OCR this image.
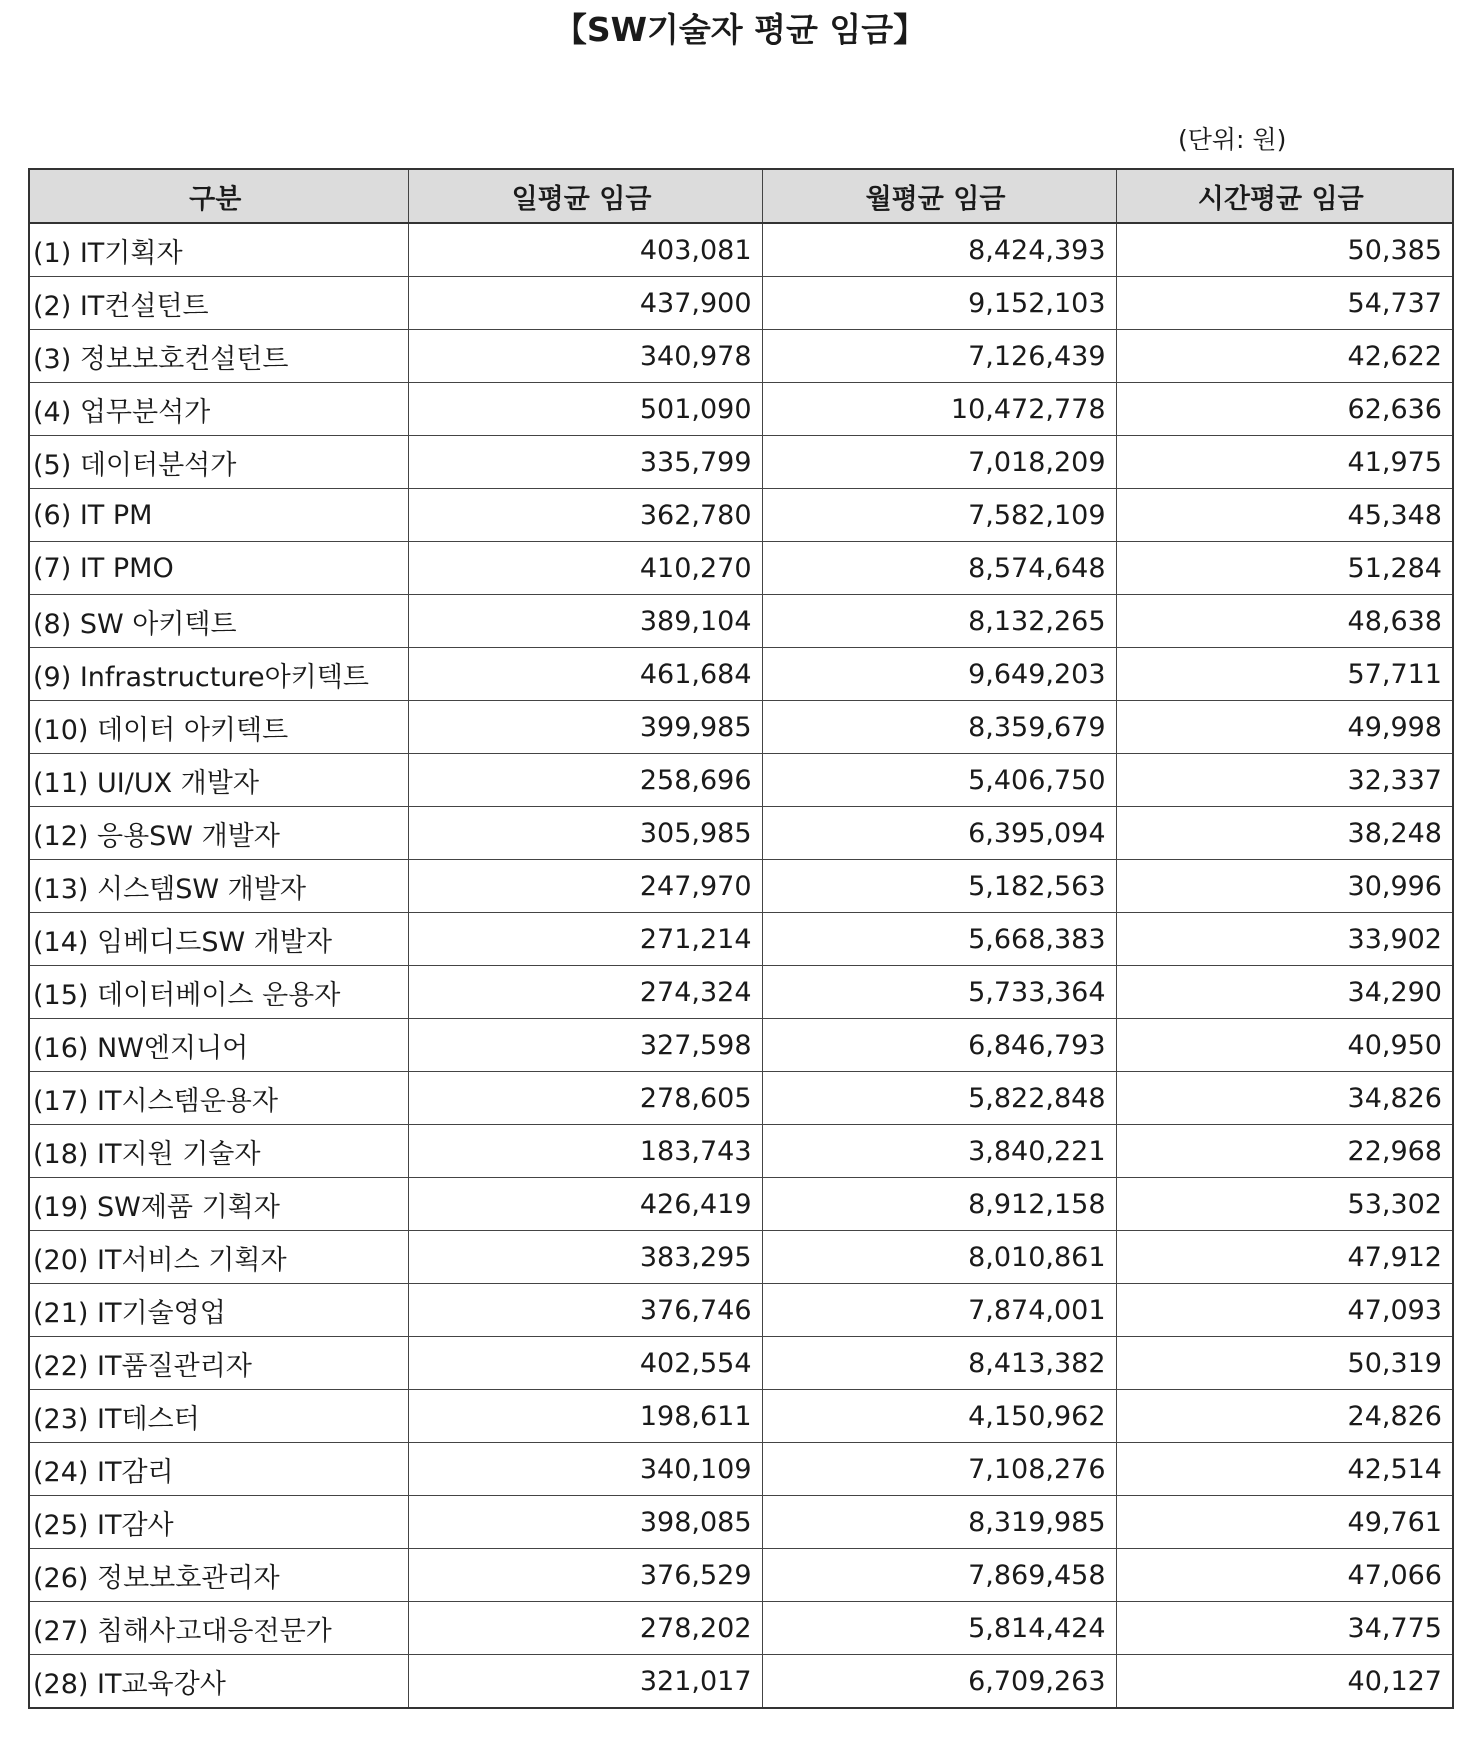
【SW기술자 평균 임금】
(단위: 원)
구분	일평균 임금	월평균 임금	시간평균 임금
(1) IT기획자	403,081	8,424,393	50,385
(2) IT컨설턴트	437,900	9,152,103	54,737
(3) 정보보호컨설턴트	340,978	7,126,439	42,622
(4) 업무분석가	501,090	10,472,778	62,636
(5) 데이터분석가	335,799	7,018,209	41,975
(6) IT PM	362,780	7,582,109	45,348
(7) IT PMO	410,270	8,574,648	51,284
(8) SW 아키텍트	389,104	8,132,265	48,638
(9) Infrastructure아키텍트	461,684	9,649,203	57,711
(10) 데이터 아키텍트	399,985	8,359,679	49,998
(11) UI/UX 개발자	258,696	5,406,750	32,337
(12) 응용SW 개발자	305,985	6,395,094	38,248
(13) 시스템SW 개발자	247,970	5,182,563	30,996
(14) 임베디드SW 개발자	271,214	5,668,383	33,902
(15) 데이터베이스 운용자	274,324	5,733,364	34,290
(16) NW엔지니어	327,598	6,846,793	40,950
(17) IT시스템운용자	278,605	5,822,848	34,826
(18) IT지원 기술자	183,743	3,840,221	22,968
(19) SW제품 기획자	426,419	8,912,158	53,302
(20) IT서비스 기획자	383,295	8,010,861	47,912
(21) IT기술영업	376,746	7,874,001	47,093
(22) IT품질관리자	402,554	8,413,382	50,319
(23) IT테스터	198,611	4,150,962	24,826
(24) IT감리	340,109	7,108,276	42,514
(25) IT감사	398,085	8,319,985	49,761
(26) 정보보호관리자	376,529	7,869,458	47,066
(27) 침해사고대응전문가	278,202	5,814,424	34,775
(28) IT교육강사	321,017	6,709,263	40,127
